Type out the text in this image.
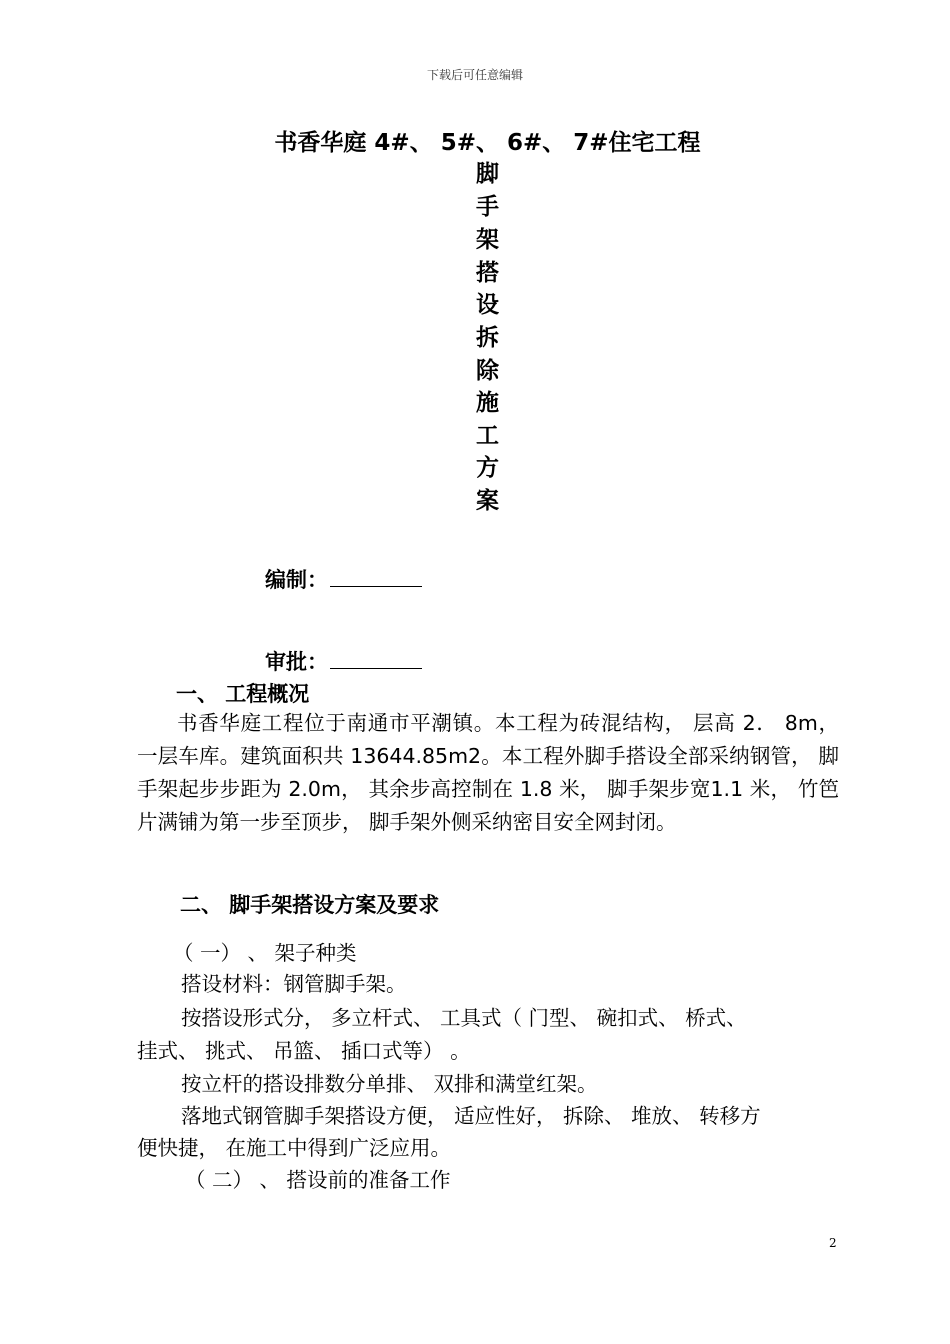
下载后可任意编辑
书香华庭 4#、 5#、 6#、 7#住宅工程
脚
手
架
搭
设
拆
除
施
工
方
案
编制：
审批：
一、 工程概况
书香华庭工程位于南通市平潮镇。本工程为砖混结构， 层高 2． 8m， 一层车库。建筑面积共 13644.85m2。本工程外脚手搭设全部采纳钢管， 脚手架起步步距为 2.0m， 其余步高控制在 1.8 米， 脚手架步宽1.1 米， 竹笆片满铺为第一步至顶步， 脚手架外侧采纳密目安全网封闭。
二、 脚手架搭设方案及要求
（ 一） 、 架子种类
搭设材料：钢管脚手架。
按搭设形式分， 多立杆式、 工具式（ 门型、 碗扣式、 桥式、
挂式、 挑式、 吊篮、 插口式等） 。
按立杆的搭设排数分单排、 双排和满堂红架。
落地式钢管脚手架搭设方便， 适应性好， 拆除、 堆放、 转移方
便快捷， 在施工中得到广泛应用。
（ 二） 、 搭设前的准备工作
2
